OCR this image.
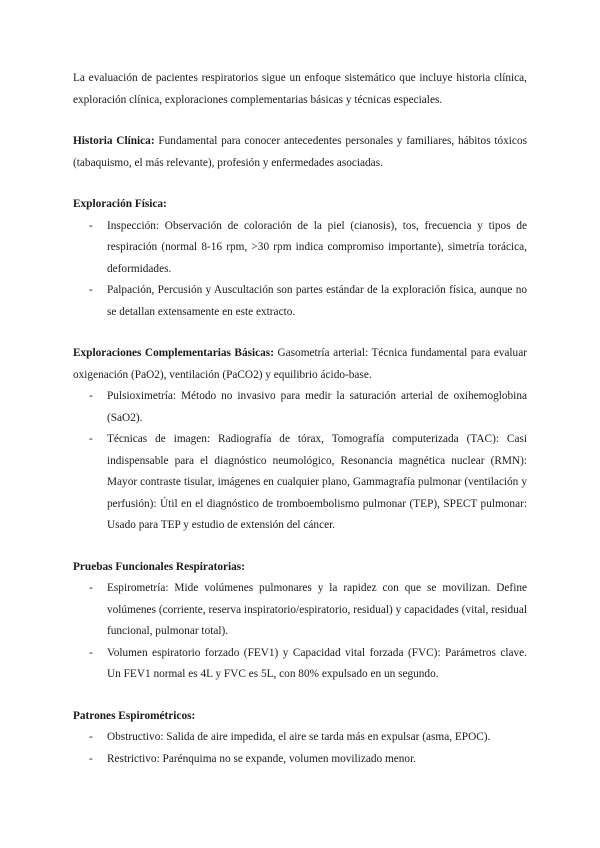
La evaluación de pacientes respiratorios sigue un enfoque sistemático que incluye historia clínica, exploración clínica, exploraciones complementarias básicas y técnicas especiales.

Historia Clínica: Fundamental para conocer antecedentes personales y familiares, hábitos tóxicos (tabaquismo, el más relevante), profesión y enfermedades asociadas.

Exploración Física:

- Inspección: Observación de coloración de la piel (cianosis), tos, frecuencia y tipos de respiración (normal 8-16 rpm, >30 rpm indica compromiso importante), simetría torácica, deformidades.
- Palpación, Percusión y Auscultación son partes estándar de la exploración física, aunque no se detallan extensamente en este extracto.

Exploraciones Complementarias Básicas: Gasometría arterial: Técnica fundamental para evaluar oxigenación (PaO2), ventilación (PaCO2) y equilibrio ácido-base.

- Pulsioximetría: Método no invasivo para medir la saturación arterial de oxihemoglobina (SaO2).
- Técnicas de imagen: Radiografía de tórax, Tomografía computerizada (TAC): Casi indispensable para el diagnóstico neumológico, Resonancia magnética nuclear (RMN): Mayor contraste tisular, imágenes en cualquier plano, Gammagrafía pulmonar (ventilación y perfusión): Útil en el diagnóstico de tromboembolismo pulmonar (TEP), SPECT pulmonar: Usado para TEP y estudio de extensión del cáncer.

Pruebas Funcionales Respiratorias:

- Espirometría: Mide volúmenes pulmonares y la rapidez con que se movilizan. Define volúmenes (corriente, reserva inspiratorio/espiratorio, residual) y capacidades (vital, residual funcional, pulmonar total).
- Volumen espiratorio forzado (FEV1) y Capacidad vital forzada (FVC): Parámetros clave. Un FEV1 normal es 4L y FVC es 5L, con 80% expulsado en un segundo.

Patrones Espirométricos:

- Obstructivo: Salida de aire impedida, el aire se tarda más en expulsar (asma, EPOC).
- Restrictivo: Parénquima no se expande, volumen movilizado menor.
